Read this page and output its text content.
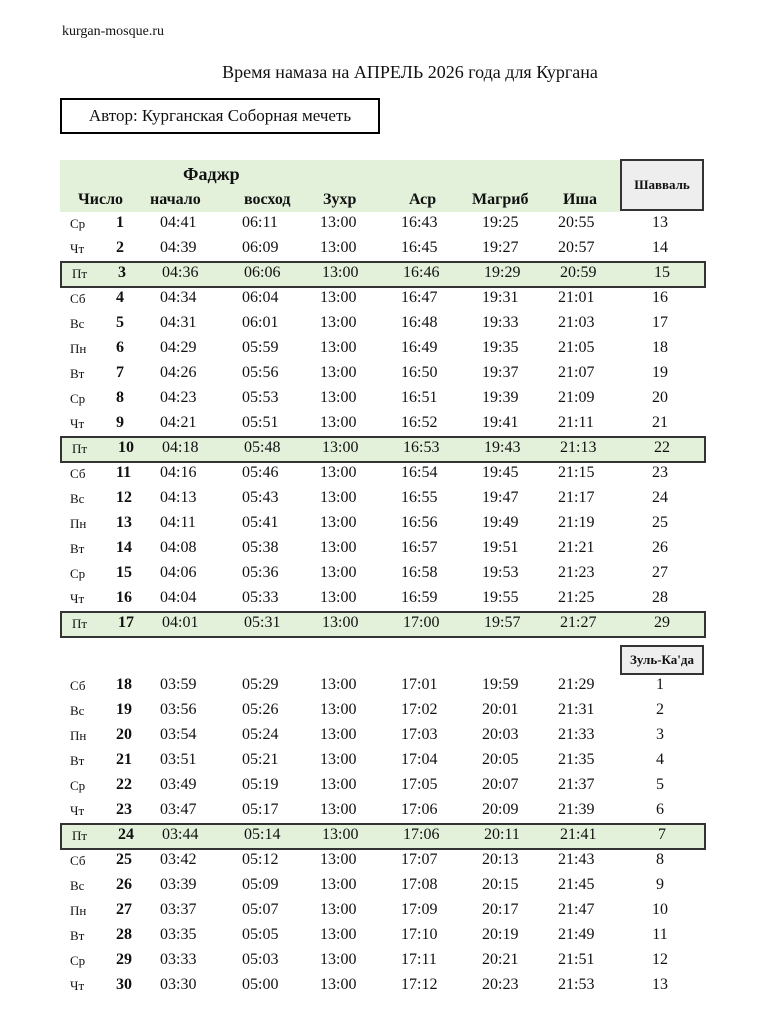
kurgan-mosque.ru
Время намаза на АПРЕЛЬ 2026 года для Кургана
Автор: Курганская Соборная мечеть
Фаджр
Число начало	восход Зухр	Аср Магриб Иша
Шавваль
Зуль-Ка'да
Ср 1 04:41	06:11	13:00	16:43	19:25 20:55	13
Чт 2 04:39	06:09	13:00	16:45	19:27 20:57	14
Пт 3 04:36	06:06	13:00	16:46	19:29 20:59	15
Сб 4 04:34	06:04	13:00	16:47	19:31 21:01	16
Вс 5 04:31	06:01	13:00	16:48	19:33 21:03	17
Пн 6 04:29	05:59	13:00	16:49	19:35 21:05	18
Вт 7 04:26	05:56	13:00	16:50	19:37 21:07	19
Ср 8 04:23	05:53	13:00	16:51	19:39 21:09	20
Чт 9 04:21	05:51	13:00	16:52	19:41 21:11	21
Пт 10 04:18	05:48	13:00	16:53	19:43 21:13	22
Сб 11 04:16	05:46	13:00	16:54	19:45 21:15	23
Вс 12 04:13	05:43	13:00	16:55	19:47 21:17	24
Пн 13 04:11	05:41	13:00	16:56	19:49 21:19	25
Вт 14 04:08	05:38	13:00	16:57	19:51 21:21	26
Ср 15 04:06	05:36	13:00	16:58	19:53 21:23	27
Чт 16 04:04	05:33	13:00	16:59	19:55 21:25	28
Пт 17 04:01	05:31	13:00	17:00	19:57 21:27	29
Сб 18 03:59	05:29	13:00	17:01	19:59 21:29	1
Вс 19 03:56	05:26	13:00	17:02	20:01 21:31	2
Пн 20 03:54	05:24	13:00	17:03	20:03 21:33	3
Вт 21 03:51	05:21	13:00	17:04	20:05 21:35	4
Ср 22 03:49	05:19	13:00	17:05	20:07 21:37	5
Чт 23 03:47	05:17	13:00	17:06	20:09 21:39	6
Пт 24 03:44	05:14	13:00	17:06	20:11	21:41	7
Сб 25 03:42	05:12	13:00	17:07	20:13 21:43	8
Вс 26 03:39	05:09	13:00	17:08	20:15 21:45	9
Пн 27 03:37	05:07	13:00	17:09	20:17 21:47	10
Вт 28 03:35	05:05	13:00	17:10	20:19 21:49	11
Ср 29 03:33	05:03	13:00	17:11	20:21 21:51	12
Чт 30 03:30	05:00	13:00	17:12	20:23 21:53	13
